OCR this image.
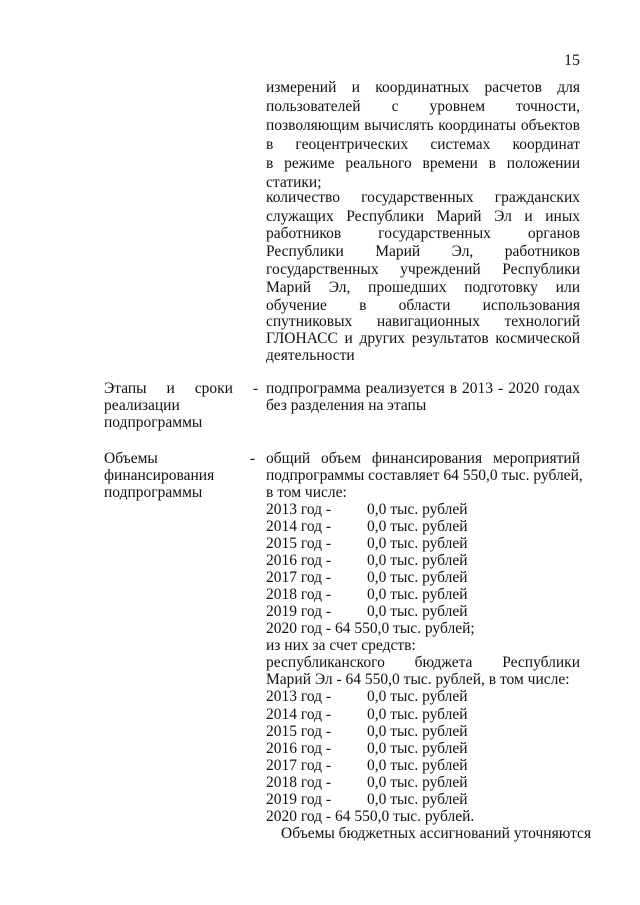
15
измерений и координатных расчетов для
пользователей с уровнем точности,
позволяющим вычислять координаты объектов
в геоцентрических системах координат
в режиме реального времени в положении
статики;
количество государственных гражданских
служащих Республики Марий Эл и иных
работников государственных органов
Республики Марий Эл, работников
государственных учреждений Республики
Марий Эл, прошедших подготовку или
обучение в области использования
спутниковых навигационных технологий
ГЛОНАСС и других результатов космической
деятельности
Этапы и сроки -
реализации
подпрограммы
подпрограмма реализуется в 2013 - 2020 годах
без разделения на этапы
Объемы
финансирования
подпрограммы
- общий объем финансирования мероприятий
подпрограммы составляет 64 550,0 тыс. рублей,
в том числе:
2013 год - 0,0 тыс. рублей
2014 год - 0,0 тыс. рублей
2015 год - 0,0 тыс. рублей
2016 год - 0,0 тыс. рублей
2017 год - 0,0 тыс. рублей
2018 год - 0,0 тыс. рублей
2019 год - 0,0 тыс. рублей
2020 год - 64 550,0 тыс. рублей;
из них за счет средств:
республиканского бюджета Республики
Марий Эл - 64 550,0 тыс. рублей, в том числе:
2013 год - 0,0 тыс. рублей
2014 год - 0,0 тыс. рублей
2015 год - 0,0 тыс. рублей
2016 год - 0,0 тыс. рублей
2017 год - 0,0 тыс. рублей
2018 год - 0,0 тыс. рублей
2019 год - 0,0 тыс. рублей
2020 год - 64 550,0 тыс. рублей.
Объемы бюджетных ассигнований уточняются
